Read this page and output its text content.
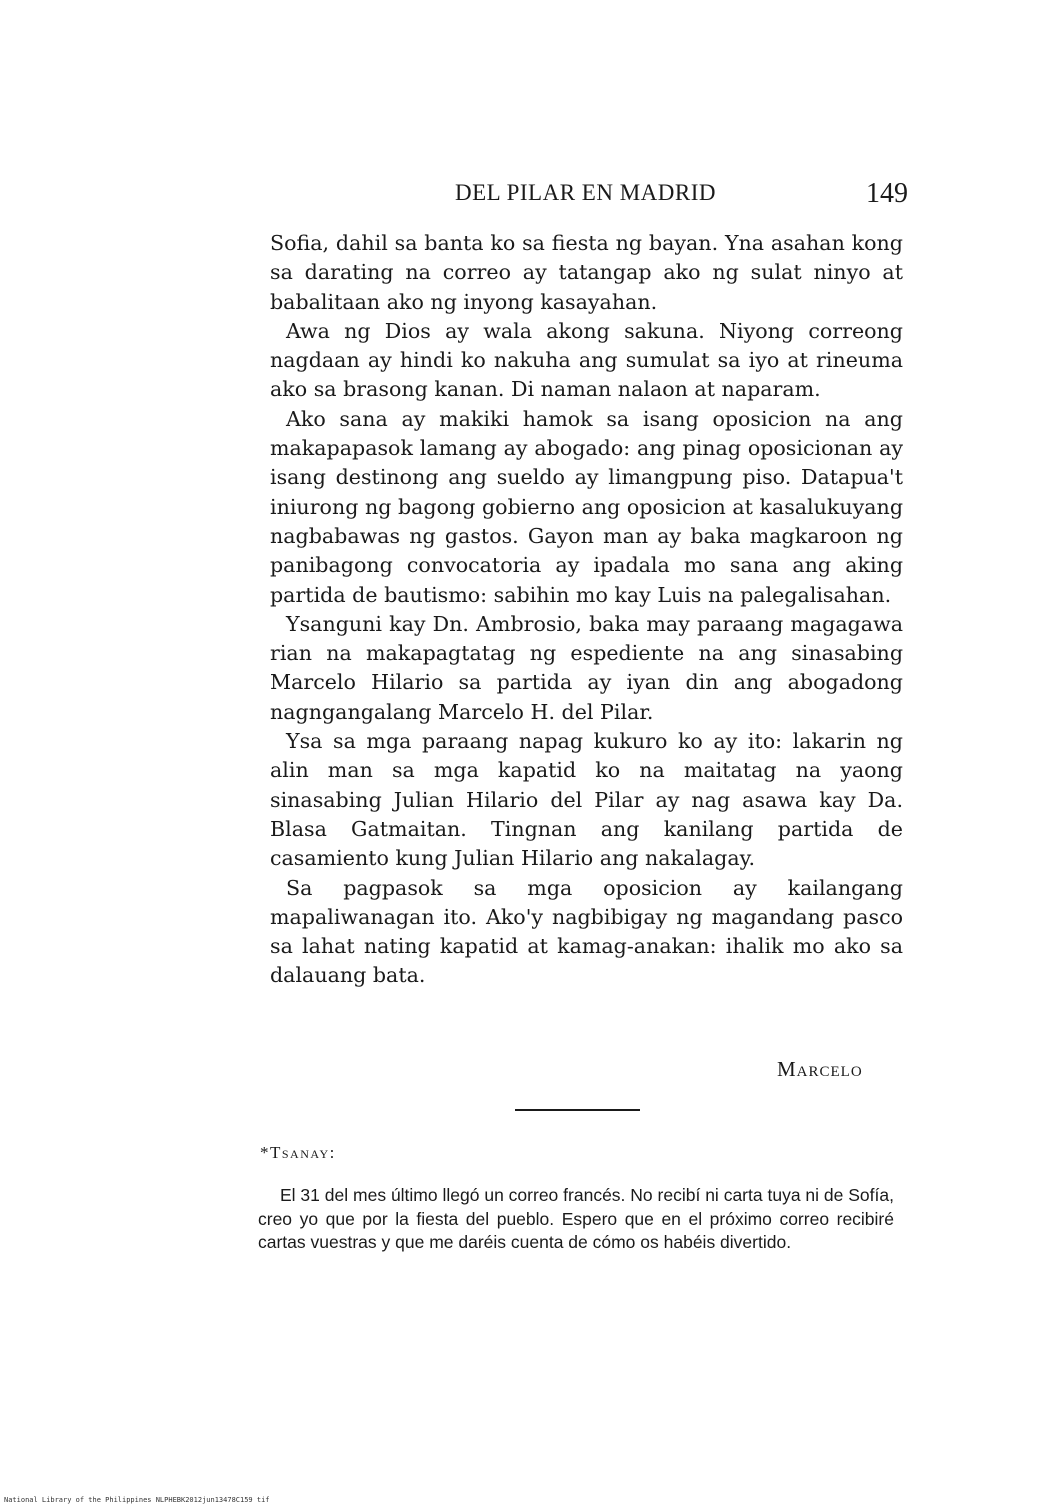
DEL PILAR EN MADRID	149

Sofia, dahil sa banta ko sa fiesta ng bayan. Yna asahan kong sa darating na correo ay tatangap ako ng sulat ninyo at babalitaan ako ng inyong kasayahan.

Awa ng Dios ay wala akong sakuna. Niyong correong nagdaan ay hindi ko nakuha ang sumulat sa iyo at rineuma ako sa brasong kanan. Di naman nalaon at naparam.

Ako sana ay makiki hamok sa isang oposicion na ang makapapasok lamang ay abogado: ang pinag oposicionan ay isang destinong ang sueldo ay limangpung piso. Datapua't iniurong ng bagong gobierno ang oposicion at kasalukuyang nagbabawas ng gastos. Gayon man ay baka magkaroon ng panibagong convocatoria ay ipadala mo sana ang aking partida de bautismo: sabihin mo kay Luis na palegalisahan.

Ysanguni kay Dn. Ambrosio, baka may paraang magagawa rian na makapagtatag ng espediente na ang sinasabing Marcelo Hilario sa partida ay iyan din ang abogadong nagngangalang Marcelo H. del Pilar.

Ysa sa mga paraang napag kukuro ko ay ito: lakarin ng alin man sa mga kapatid ko na maitatag na yaong sinasabing Julian Hilario del Pilar ay nag asawa kay Da. Blasa Gatmaitan. Tingnan ang kanilang partida de casamiento kung Julian Hilario ang nakalagay.

Sa pagpasok sa mga oposicion ay kailangang mapaliwanagan ito. Ako'y nagbibigay ng magandang pasco sa lahat nating kapatid at kamag-anakan: ihalik mo ako sa dalauang bata.

Marcelo
*Tsanay:

El 31 del mes último llegó un correo francés. No recibí ni carta tuya ni de Sofía, creo yo que por la fiesta del pueblo. Espero que en el próximo correo recibiré cartas vuestras y que me daréis cuenta de cómo os habéis divertido.

National Library of the Philippines NLPHEBK2012jun13478C159 tif
